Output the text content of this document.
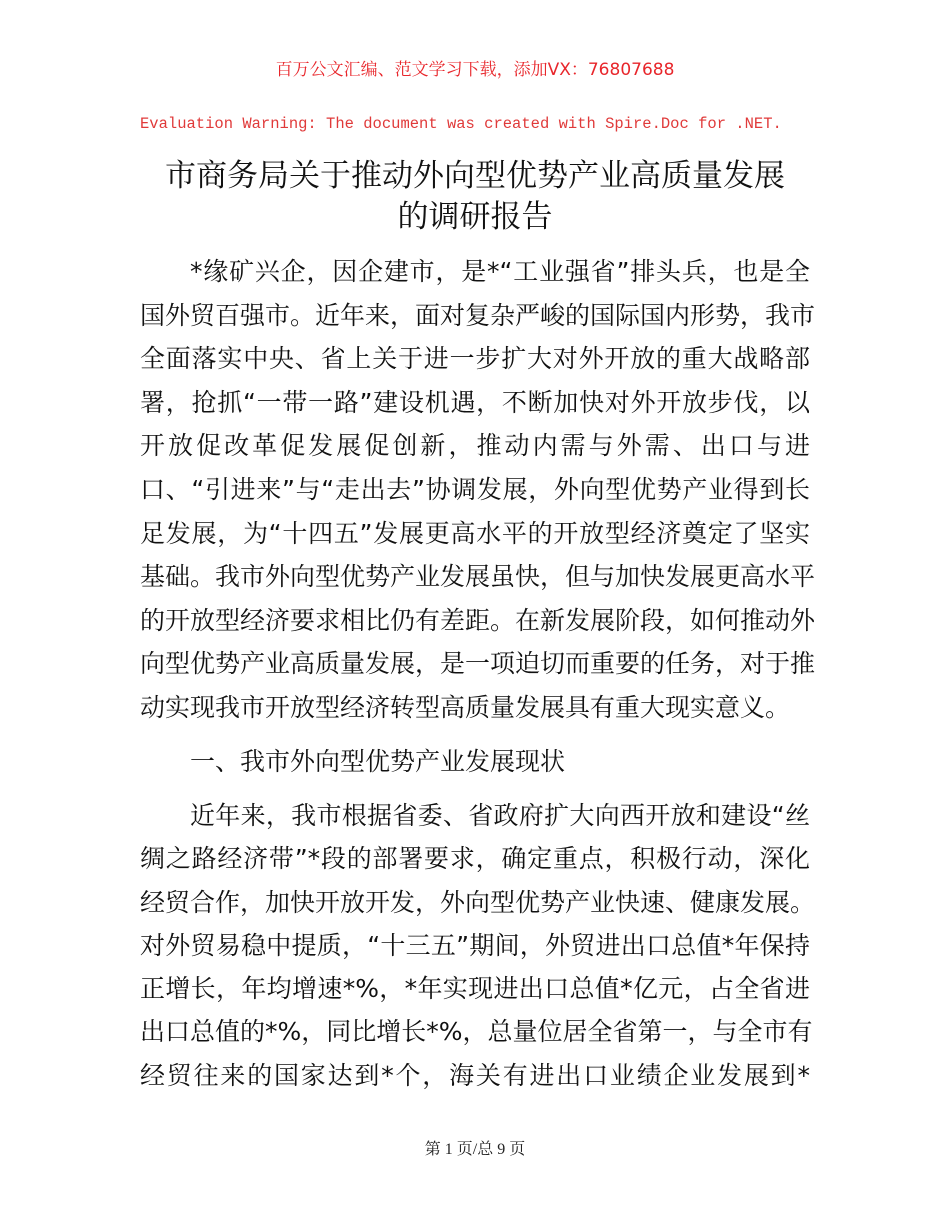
百万公文汇编、范文学习下载，添加VX：76807688
Evaluation Warning: The document was created with Spire.Doc for .NET.
市商务局关于推动外向型优势产业高质量发展
的调研报告
*缘矿兴企，因企建市，是*“工业强省”排头兵，也是全
国外贸百强市。近年来，面对复杂严峻的国际国内形势，我市
全面落实中央、省上关于进一步扩大对外开放的重大战略部
署，抢抓“一带一路”建设机遇，不断加快对外开放步伐，以
开放促改革促发展促创新，推动内需与外需、出口与进
口、“引进来”与“走出去”协调发展，外向型优势产业得到长
足发展，为“十四五”发展更高水平的开放型经济奠定了坚实
基础。我市外向型优势产业发展虽快，但与加快发展更高水平
的开放型经济要求相比仍有差距。在新发展阶段，如何推动外
向型优势产业高质量发展，是一项迫切而重要的任务，对于推
动实现我市开放型经济转型高质量发展具有重大现实意义。
一、我市外向型优势产业发展现状
近年来，我市根据省委、省政府扩大向西开放和建设“丝
绸之路经济带”*段的部署要求，确定重点，积极行动，深化
经贸合作，加快开放开发，外向型优势产业快速、健康发展。
对外贸易稳中提质，“十三五”期间，外贸进出口总值*年保持
正增长，年均增速*%，*年实现进出口总值*亿元，占全省进
出口总值的*%，同比增长*%，总量位居全省第一，与全市有
经贸往来的国家达到*个，海关有进出口业绩企业发展到*
第 1 页/总 9 页
